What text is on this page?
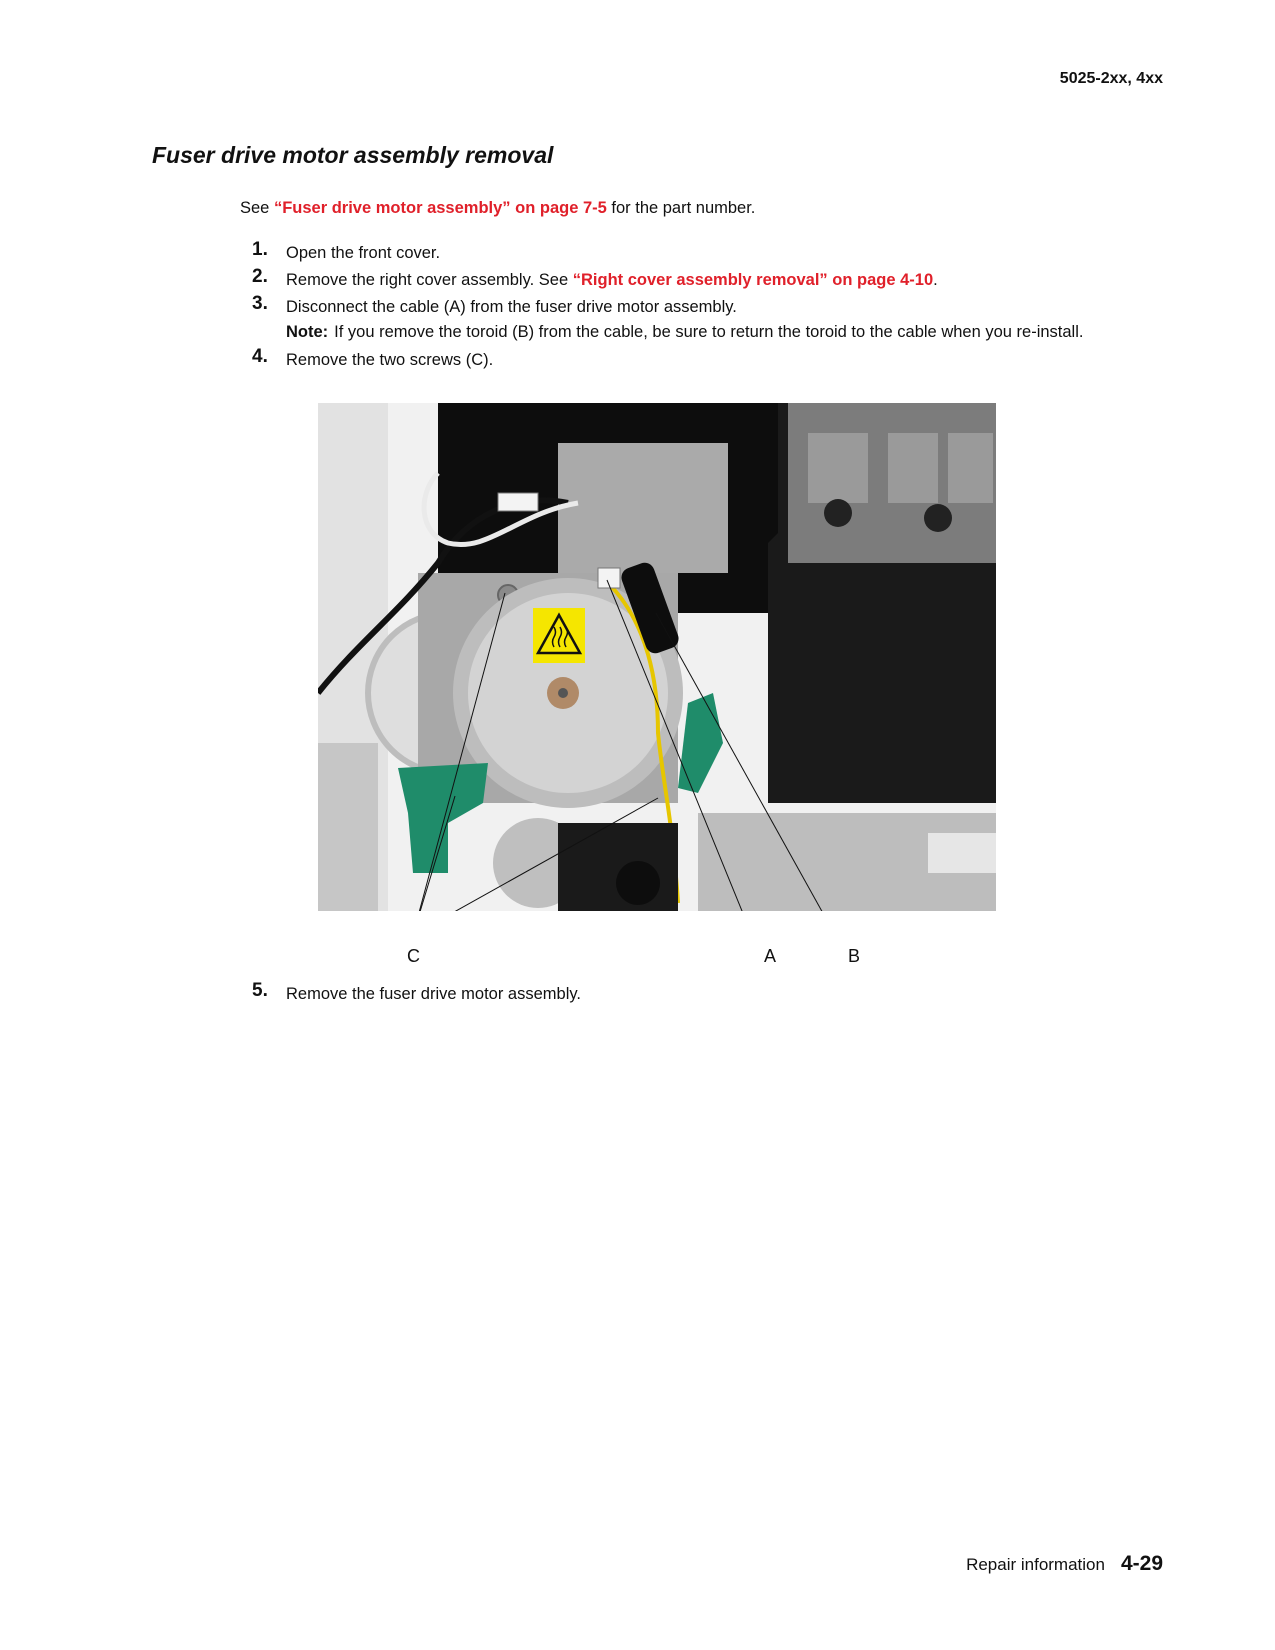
5025-2xx, 4xx
Fuser drive motor assembly removal
See “Fuser drive motor assembly” on page 7-5 for the part number.
1. Open the front cover.
2. Remove the right cover assembly. See “Right cover assembly removal” on page 4-10.
3. Disconnect the cable (A) from the fuser drive motor assembly.
Note: If you remove the toroid (B) from the cable, be sure to return the toroid to the cable when you re-install.
4. Remove the two screws (C).
C	A	B
5. Remove the fuser drive motor assembly.
Repair information 4-29
